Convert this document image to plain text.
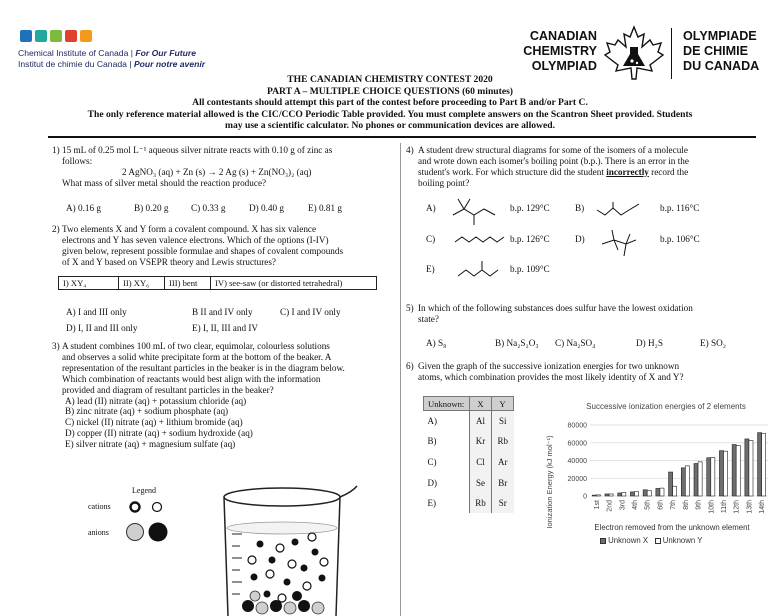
Chemical Institute of Canada | For Our Future
Institut de chimie du Canada | Pour notre avenir
CANADIAN
CHEMISTRY
OLYMPIAD
OLYMPIADE
DE CHIMIE
DU CANADA
THE CANADIAN CHEMISTRY CONTEST 2020
PART A – MULTIPLE CHOICE QUESTIONS (60 minutes)
All contestants should attempt this part of the contest before proceeding to Part B and/or Part C.
The only reference material allowed is the CIC/CCO Periodic Table provided. You must complete answers on the Scantron Sheet provided. Students
may use a scientific calculator. No phones or communication devices are allowed.
1) 15 mL of 0.25 mol L⁻¹ aqueous silver nitrate reacts with 0.10 g of zinc as
follows:
2 AgNO₃ (aq) + Zn (s) → 2 Ag (s) + Zn(NO₃)₂ (aq)
What mass of silver metal should the reaction produce?
A) 0.16 g	B) 0.20 g C) 0.33 g	D) 0.40 g	E) 0.81 g
2) Two elements X and Y form a covalent compound. X has six valence
electrons and Y has seven valence electrons. Which of the options (I-IV)
given below, represent possible formulae and shapes of covalent compounds
of X and Y based on VSEPR theory and Lewis structures?
I) XY₄	II) XY₆	III) bent	IV) see-saw (or distorted tetrahedral)
A) I and III only	B II and IV only	C) I and IV only
D) I, II and III only	E) I, II, III and IV
3) A student combines 100 mL of two clear, equimolar, colourless solutions
and observes a solid white precipitate form at the bottom of the beaker. A
representation of the resultant particles in the beaker is in the diagram below.
Which combination of reactants would best align with the information
provided and diagram of resultant particles in the beaker?
A) lead (II) nitrate (aq) + potassium chloride (aq)
B) zinc nitrate (aq) + sodium phosphate (aq)
C) nickel (II) nitrate (aq) + lithium bromide (aq)
D) copper (II) nitrate (aq) + sodium hydroxide (aq)
E) silver nitrate (aq) + magnesium sulfate (aq)
Legend
cations
anions
4) A student drew structural diagrams for some of the isomers of a molecule
and wrote down each isomer's boiling point (b.p.). There is an error in the
student's work. For which structure did the student incorrectly record the
boiling point?
A)	b.p. 129°C	B)	b.p. 116°C
C)	b.p. 126°C	D)	b.p. 106°C
E)	b.p. 109°C
5) In which of the following substances does sulfur have the lowest oxidation
state?
A) S₈	B) Na₂S₂O₃ C) Na₂SO₄	D) H₂S	E) SO₂
6) Given the graph of the successive ionization energies for two unknown
atoms, which combination provides the most likely identity of X and Y?
Unknown:	X	Y
A)	Al	Si
B)	Kr	Rb
C)	Cl	Ar
D)	Se	Br
E)	Rb	Sr
Successive ionization energies of 2 elements
Ionization Energy (kJ mol⁻¹)	0
20000
40000
60000
80000
1st 2nd 3rd 4th 5th 6th 7th 8th 9th 10th 11th 12th 13th 14th
Electron removed from the unknown element
Unknown X Unknown Y
